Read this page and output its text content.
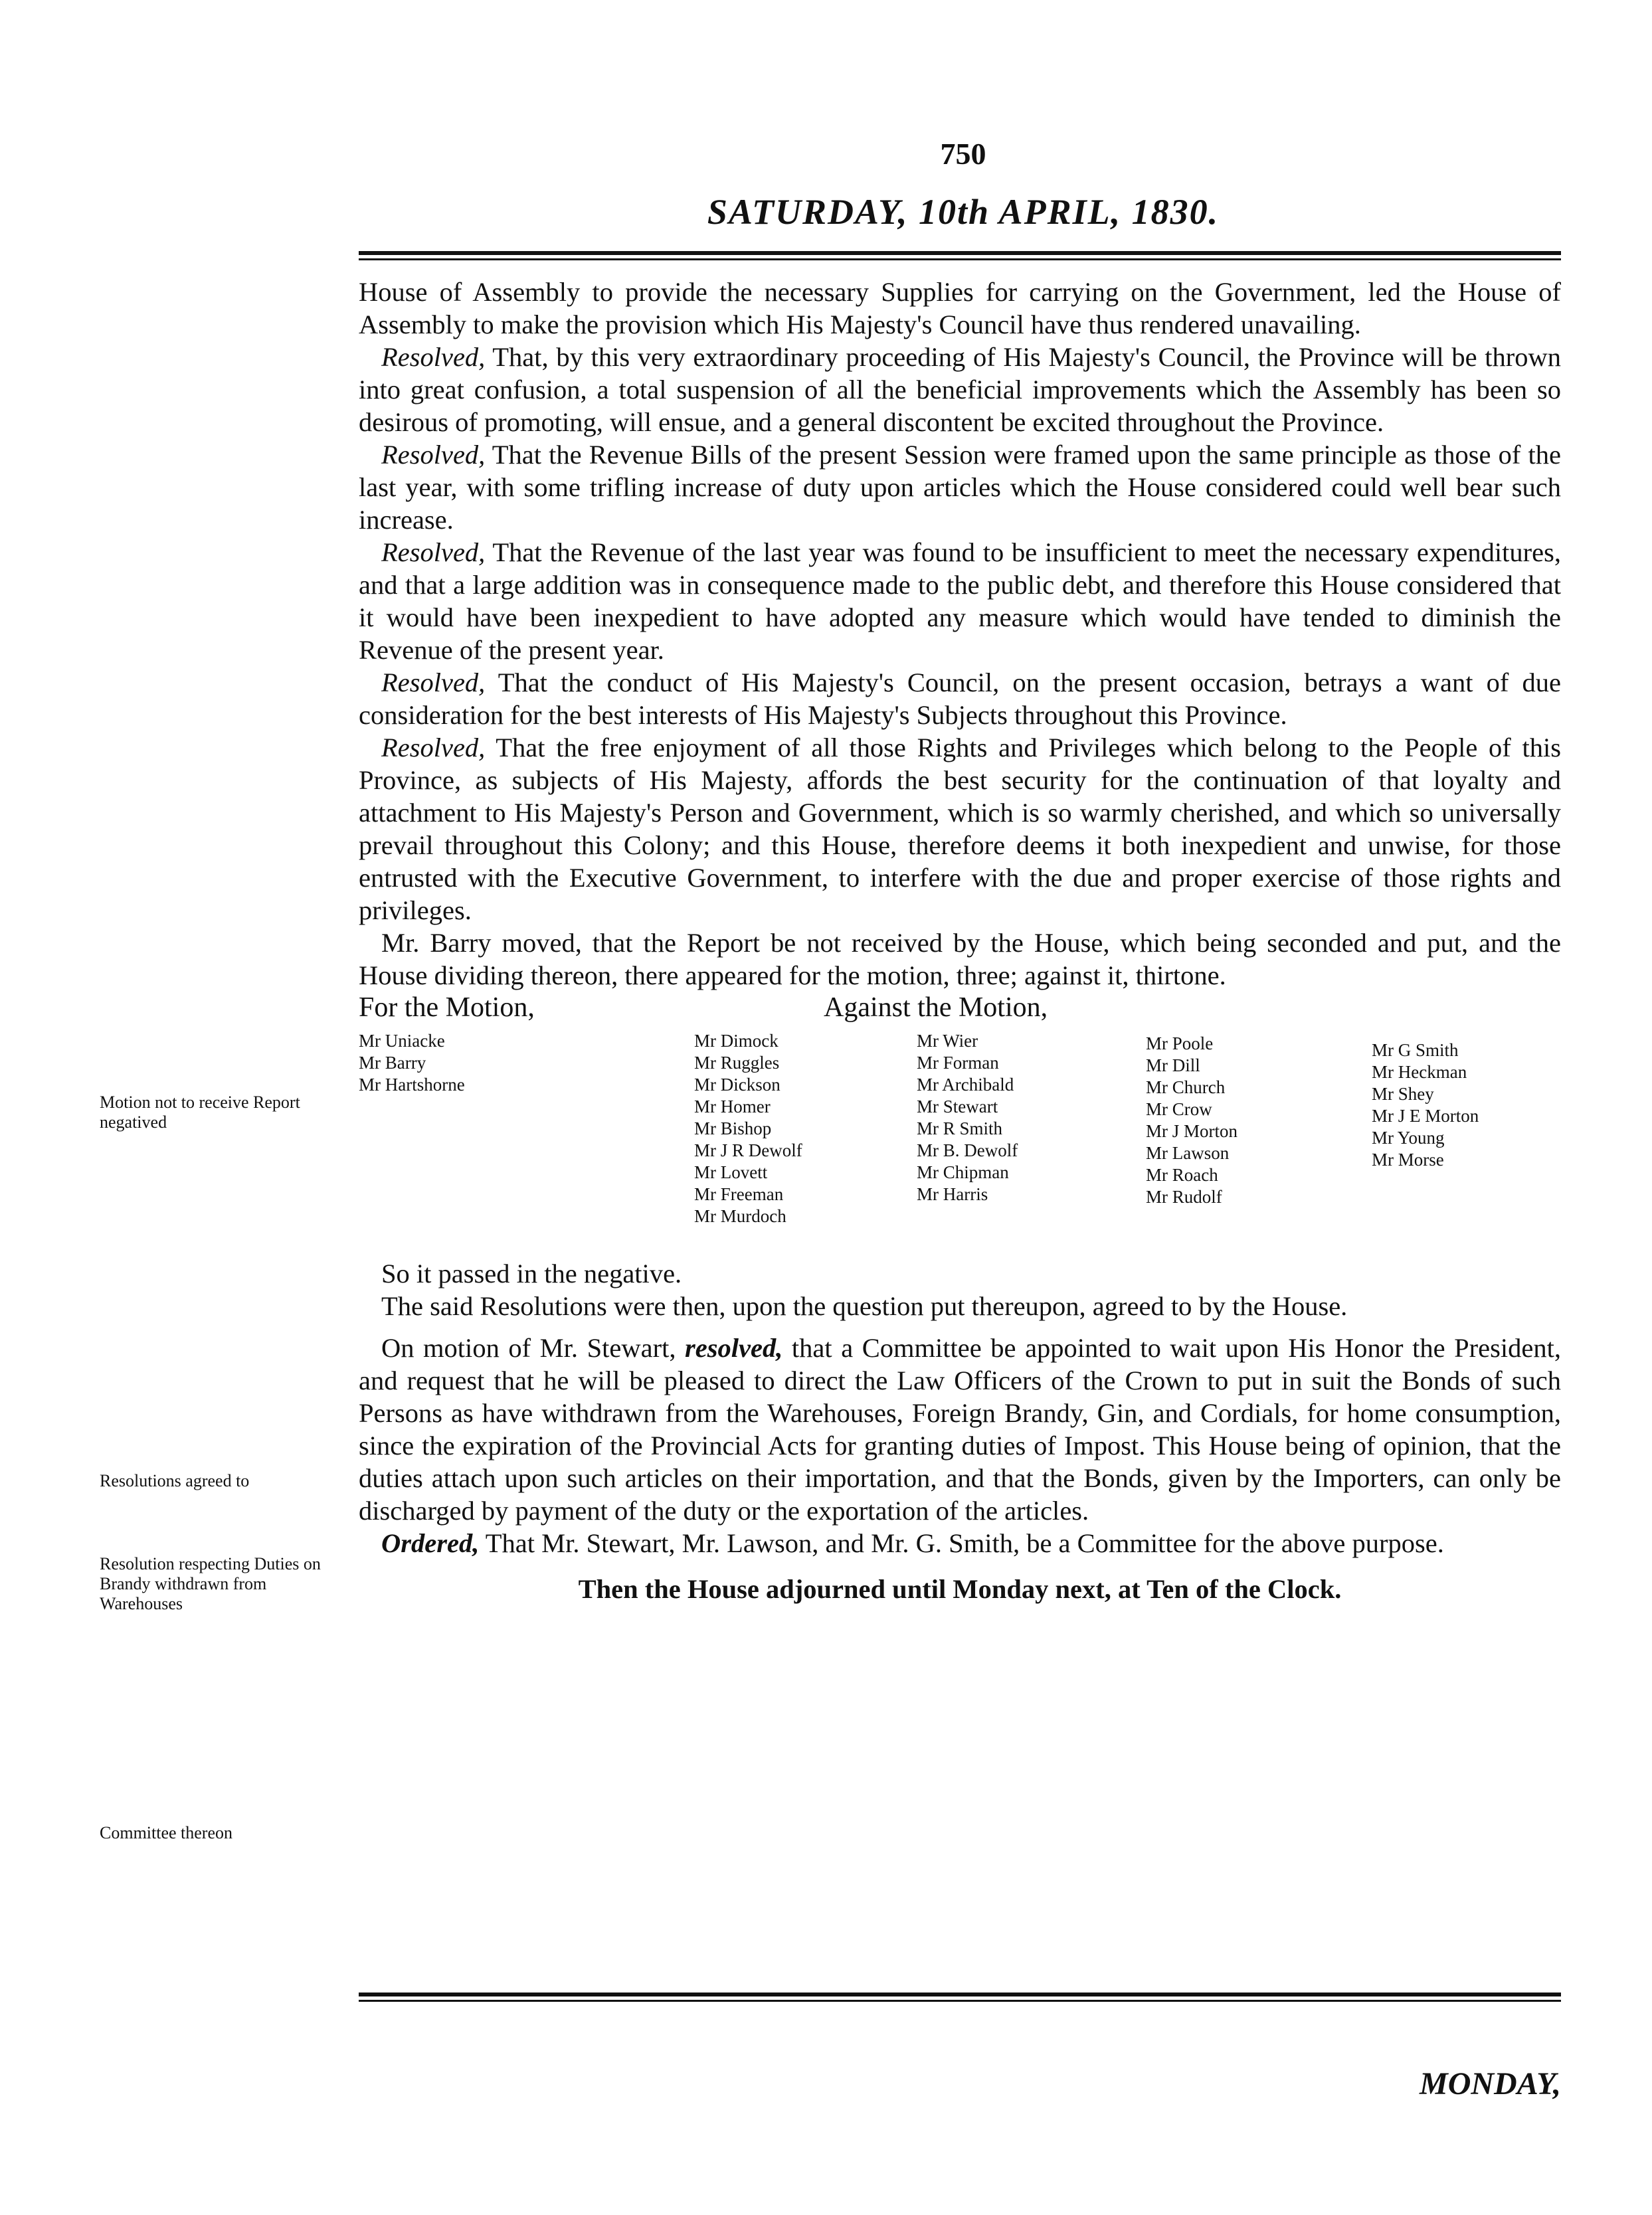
750
SATURDAY, 10th APRIL, 1830.

House of Assembly to provide the necessary Supplies for carrying on the Government, led the House of Assembly to make the provision which His Majesty's Council have thus rendered unavailing.

Resolved, That, by this very extraordinary proceeding of His Majesty's Council, the Province will be thrown into great confusion, a total suspension of all the beneficial improvements which the Assembly has been so desirous of promoting, will ensue, and a general discontent be excited throughout the Province.

Resolved, That the Revenue Bills of the present Session were framed upon the same principle as those of the last year, with some trifling increase of duty upon articles which the House considered could well bear such increase.

Resolved, That the Revenue of the last year was found to be insufficient to meet the necessary expenditures, and that a large addition was in consequence made to the public debt, and therefore this House considered that it would have been inexpedient to have adopted any measure which would have tended to diminish the Revenue of the present year.

Resolved, That the conduct of His Majesty's Council, on the present occasion, betrays a want of due consideration for the best interests of His Majesty's Subjects throughout this Province.

Resolved, That the free enjoyment of all those Rights and Privileges which belong to the People of this Province, as subjects of His Majesty, affords the best security for the continuation of that loyalty and attachment to His Majesty's Person and Government, which is so warmly cherished, and which so universally prevail throughout this Colony; and this House, therefore deems it both inexpedient and unwise, for those entrusted with the Executive Government, to interfere with the due and proper exercise of those rights and privileges.

Mr. Barry moved, that the Report be not received by the House, which being seconded and put, and the House dividing thereon, there appeared for the motion, three; against it, thirtone.

For the Motion,	Against the Motion,
Mr Uniacke
Mr Barry
Mr Hartshorne
Mr Dimock
Mr Ruggles
Mr Dickson
Mr Homer
Mr Bishop
Mr J R Dewolf
Mr Lovett
Mr Freeman
Mr Murdoch
Mr Wier
Mr Forman
Mr Archibald
Mr Stewart
Mr R Smith
Mr B. Dewolf
Mr Chipman
Mr Harris
Mr Poole
Mr Dill
Mr Church
Mr Crow
Mr J Morton
Mr Lawson
Mr Roach
Mr Rudolf
Mr G Smith
Mr Heckman
Mr Shey
Mr J E Morton
Mr Young
Mr Morse

So it passed in the negative.

The said Resolutions were then, upon the question put thereupon, agreed to by the House.

On motion of Mr. Stewart, resolved, that a Committee be appointed to wait upon His Honor the President, and request that he will be pleased to direct the Law Officers of the Crown to put in suit the Bonds of such Persons as have withdrawn from the Warehouses, Foreign Brandy, Gin, and Cordials, for home consumption, since the expiration of the Provincial Acts for granting duties of Impost. This House being of opinion, that the duties attach upon such articles on their importation, and that the Bonds, given by the Importers, can only be discharged by payment of the duty or the exportation of the articles.

Ordered, That Mr. Stewart, Mr. Lawson, and Mr. G. Smith, be a Committee for the above purpose.

Then the House adjourned until Monday next, at Ten of the Clock.

Motion not to receive Report negatived
Resolutions agreed to
Resolution respecting Duties on Brandy withdrawn from Warehouses
Committee thereon
MONDAY,
